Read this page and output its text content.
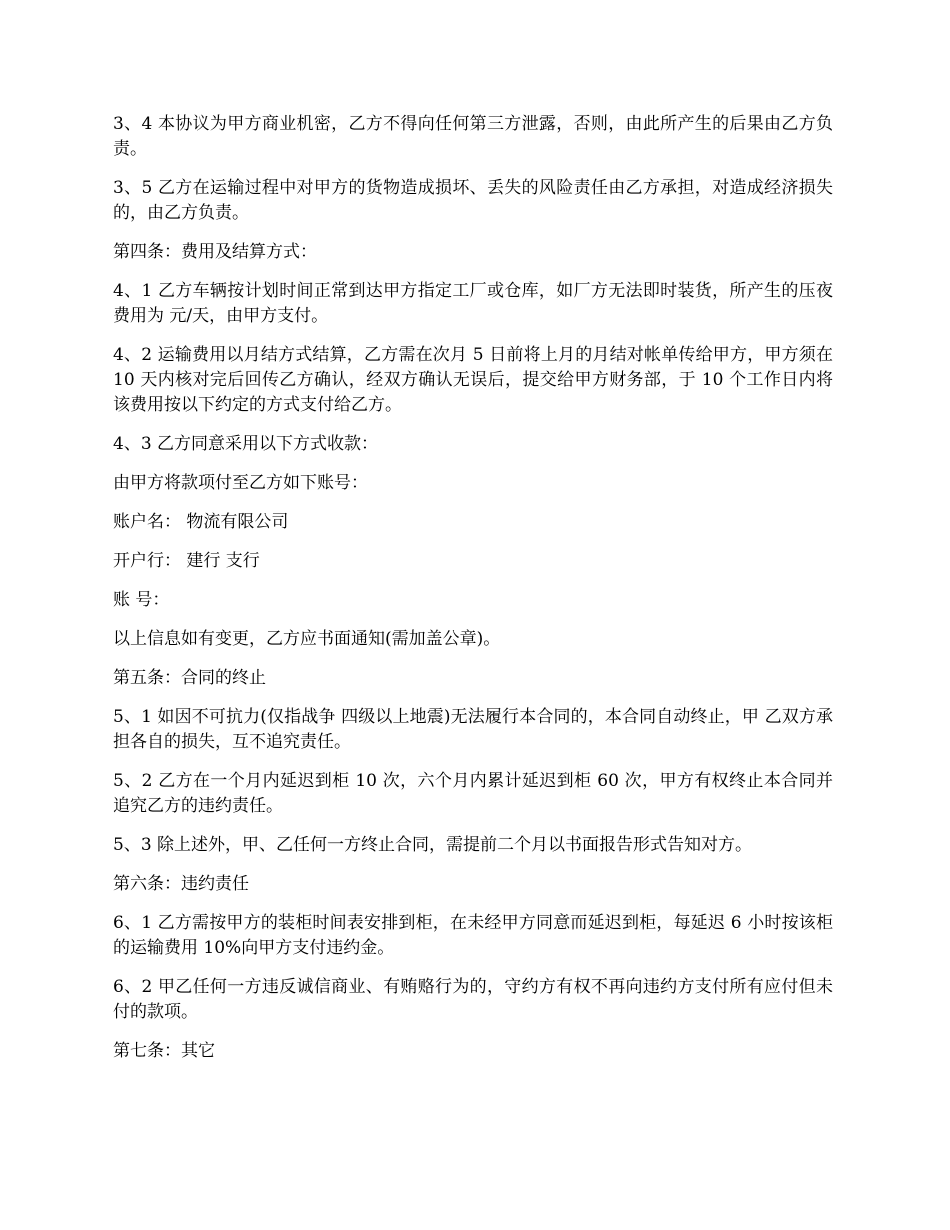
3、4 本协议为甲方商业机密，乙方不得向任何第三方泄露，否则，由此所产生的后果由乙方负责。

3、5 乙方在运输过程中对甲方的货物造成损坏、丢失的风险责任由乙方承担，对造成经济损失的，由乙方负责。

第四条：费用及结算方式：

4、1 乙方车辆按计划时间正常到达甲方指定工厂或仓库，如厂方无法即时装货，所产生的压夜费用为 元/天，由甲方支付。

4、2 运输费用以月结方式结算，乙方需在次月 5 日前将上月的月结对帐单传给甲方，甲方须在 10 天内核对完后回传乙方确认，经双方确认无误后，提交给甲方财务部，于 10 个工作日内将该费用按以下约定的方式支付给乙方。

4、3 乙方同意采用以下方式收款：

由甲方将款项付至乙方如下账号：

账户名： 物流有限公司

开户行： 建行 支行

账 号：

以上信息如有变更，乙方应书面通知(需加盖公章)。

第五条：合同的终止

5、1 如因不可抗力(仅指战争 四级以上地震)无法履行本合同的，本合同自动终止，甲 乙双方承担各自的损失，互不追究责任。

5、2 乙方在一个月内延迟到柜 10 次，六个月内累计延迟到柜 60 次，甲方有权终止本合同并追究乙方的违约责任。

5、3 除上述外，甲、乙任何一方终止合同，需提前二个月以书面报告形式告知对方。

第六条：违约责任

6、1 乙方需按甲方的装柜时间表安排到柜，在未经甲方同意而延迟到柜，每延迟 6 小时按该柜的运输费用 10%向甲方支付违约金。

6、2 甲乙任何一方违反诚信商业、有贿赂行为的，守约方有权不再向违约方支付所有应付但未付的款项。

第七条：其它
